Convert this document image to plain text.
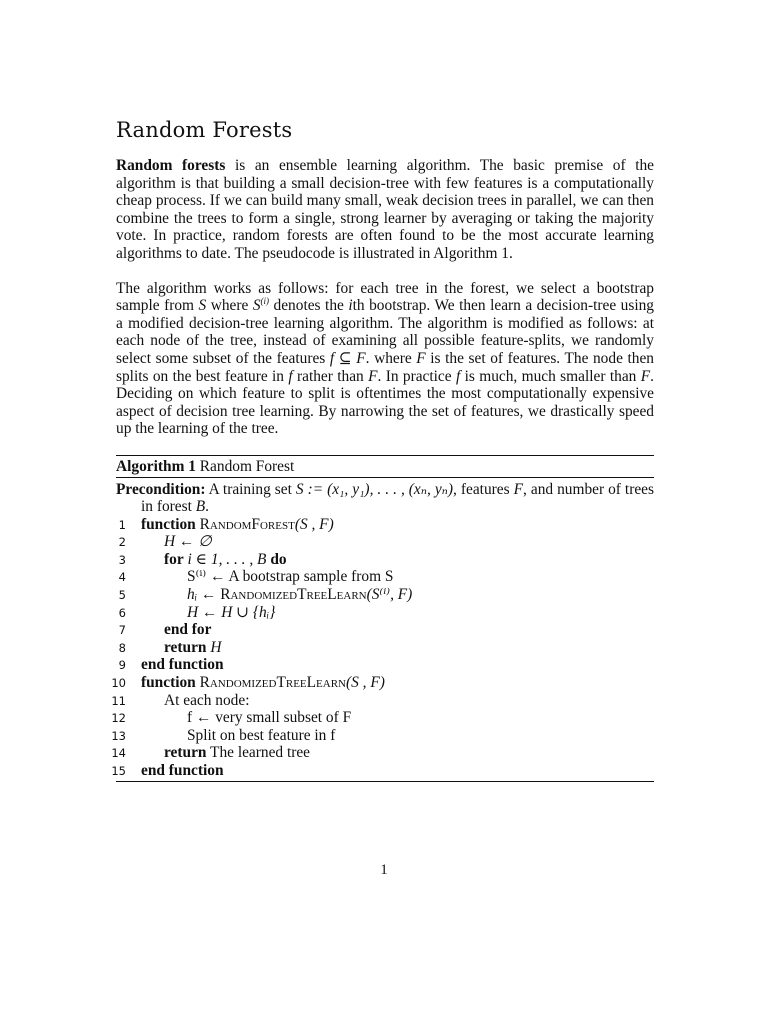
Random Forests

Random forests is an ensemble learning algorithm. The basic premise of the algorithm is that building a small decision-tree with few features is a computationally cheap process. If we can build many small, weak decision trees in parallel, we can then combine the trees to form a single, strong learner by averaging or taking the majority vote. In practice, random forests are often found to be the most accurate learning algorithms to date. The pseudocode is illustrated in Algorithm 1.

The algorithm works as follows: for each tree in the forest, we select a bootstrap sample from S where $S^{(i)}$ denotes the ith bootstrap. We then learn a decision-tree using a modified decision-tree learning algorithm. The algorithm is modified as follows: at each node of the tree, instead of examining all possible feature-splits, we randomly select some subset of the features f ⊆ F. where F is the set of features. The node then splits on the best feature in f rather than F. In practice f is much, much smaller than F. Deciding on which feature to split is oftentimes the most computationally expensive aspect of decision tree learning. By narrowing the set of features, we drastically speed up the learning of the tree.

Algorithm 1 Random Forest
Precondition: A training set S := (x₁, y₁), . . . , (xₙ, yₙ), features F, and number of trees in forest B.
1 function RandomForest(S , F)
2 H ← ∅
3 for i ∈ 1, . . . , B do
4	S⁽ⁱ⁾ ← A bootstrap sample from S
5	hᵢ ← RandomizedTreeLearn(S⁽ⁱ⁾, F)
6	H ← H ∪ {hᵢ}
7 end for
8 return H
9 end function
10 function RandomizedTreeLearn(S , F)
11 At each node:
12	f ← very small subset of F
13	Split on best feature in f
14 return The learned tree
15 end function
1
